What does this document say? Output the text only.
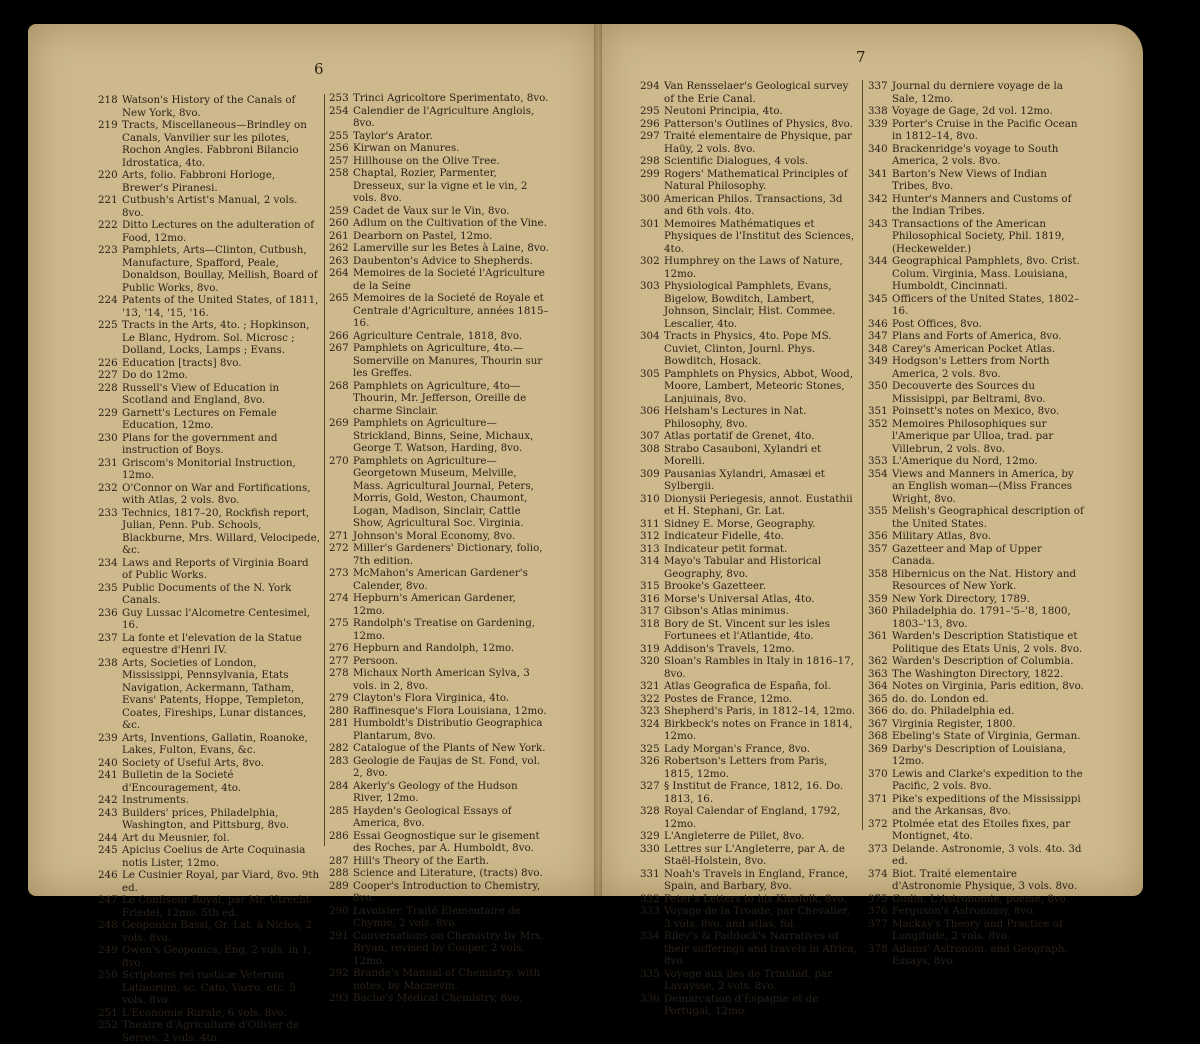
6
7
218 Watson's History of the Canals of New York, 8vo.
219 Tracts, Miscellaneous—Brindley on Canals, Vanvilier sur les pilotes, Rochon Angles. Fabbroni Bilancio Idrostatica, 4to.
220 Arts, folio. Fabbroni Horloge, Brewer's Piranesi.
221 Cutbush's Artist's Manual, 2 vols. 8vo.
222 Ditto Lectures on the adulteration of Food, 12mo.
223 Pamphlets, Arts—Clinton, Cutbush, Manufacture, Spafford, Peale, Donaldson, Boullay, Mellish, Board of Public Works, 8vo.
224 Patents of the United States, of 1811, '13, '14, '15, '16.
225 Tracts in the Arts, 4to. ; Hopkinson, Le Blanc, Hydrom. Sol. Microsc ; Dolland, Locks, Lamps ; Evans.
226 Education [tracts] 8vo.
227 Do do 12mo.
228 Russell's View of Education in Scotland and England, 8vo.
229 Garnett's Lectures on Female Education, 12mo.
230 Plans for the government and instruction of Boys.
231 Griscom's Monitorial Instruction, 12mo.
232 O'Connor on War and Fortifications, with Atlas, 2 vols. 8vo.
233 Technics, 1817–20, Rockfish report, Julian, Penn. Pub. Schools, Blackburne, Mrs. Willard, Velocipede, &c.
234 Laws and Reports of Virginia Board of Public Works.
235 Public Documents of the N. York Canals.
236 Guy Lussac l'Alcometre Centesimel, 16.
237 La fonte et l'elevation de la Statue equestre d'Henri IV.
238 Arts, Societies of London, Mississippi, Pennsylvania, Etats Navigation, Ackermann, Tatham, Evans' Patents, Hoppe, Templeton, Coates, Fireships, Lunar distances, &c.
239 Arts, Inventions, Gallatin, Roanoke, Lakes, Fulton, Evans, &c.
240 Society of Useful Arts, 8vo.
241 Bulletin de la Societé d'Encouragement, 4to.
242 Instruments.
243 Builders' prices, Philadelphia, Washington, and Pittsburg, 8vo.
244 Art du Meusnier, fol.
245 Apicius Coelius de Arte Coquinasia notis Lister, 12mo.
246 Le Cusinier Royal, par Viard, 8vo. 9th ed.
247 Le Confiseur Royal, par Mr. Utrecht-Friedel, 12mo. 5th ed.
248 Geoponica Bassi, Gr. Lat. à Niclos, 2 vols. 8vo.
249 Owen's Geoponics, Eng. 2 vols. in 1, 8vo.
250 Scriptores rei rusticæ Veterum Latinorum, sc. Cato, Varro, etc. 5 vols. 8vo.
251 L'Economie Rurale, 6 vols. 8vo.
252 Theatre d'Agriculture d'Olivier de Serres, 2 vols. 4to.
253 Trinci Agricoltore Sperimentato, 8vo.
254 Calendier de l'Agriculture Anglois, 8vo.
255 Taylor's Arator.
256 Kirwan on Manures.
257 Hillhouse on the Olive Tree.
258 Chaptal, Rozier, Parmenter, Dresseux, sur la vigne et le vin, 2 vols. 8vo.
259 Cadet de Vaux sur le Vin, 8vo.
260 Adlum on the Cultivation of the Vine.
261 Dearborn on Pastel, 12mo.
262 Lamerville sur les Betes à Laine, 8vo.
263 Daubenton's Advice to Shepherds.
264 Memoires de la Societé l'Agriculture de la Seine
265 Memoires de la Societé de Royale et Centrale d'Agriculture, années 1815–16.
266 Agriculture Centrale, 1818, 8vo.
267 Pamphlets on Agriculture, 4to.—Somerville on Manures, Thourin sur les Greffes.
268 Pamphlets on Agriculture, 4to—Thourin, Mr. Jefferson, Oreille de charme Sinclair.
269 Pamphlets on Agriculture—Strickland, Binns, Seine, Michaux, George T. Watson, Harding, 8vo.
270 Pamphlets on Agriculture—Georgetown Museum, Melville, Mass. Agricultural Journal, Peters, Morris, Gold, Weston, Chaumont, Logan, Madison, Sinclair, Cattle Show, Agricultural Soc. Virginia.
271 Johnson's Moral Economy, 8vo.
272 Miller's Gardeners' Dictionary, folio, 7th edition.
273 McMahon's American Gardener's Calender, 8vo.
274 Hepburn's American Gardener, 12mo.
275 Randolph's Treatise on Gardening, 12mo.
276 Hepburn and Randolph, 12mo.
277 Persoon.
278 Michaux North American Sylva, 3 vols. in 2, 8vo.
279 Clayton's Flora Virginica, 4to.
280 Raffinesque's Flora Louisiana, 12mo.
281 Humboldt's Distributio Geographica Plantarum, 8vo.
282 Catalogue of the Plants of New York.
283 Geologie de Faujas de St. Fond, vol. 2, 8vo.
284 Akerly's Geology of the Hudson River, 12mo.
285 Hayden's Geological Essays of America, 8vo.
286 Essai Geognostique sur le gisement des Roches, par A. Humboldt, 8vo.
287 Hill's Theory of the Earth.
288 Science and Literature, (tracts) 8vo.
289 Cooper's Introduction to Chemistry, 8vo.
290 Lavoisier. Traité Elementaire de Chymie, 2 vols. 8vo.
291 Conversations on Chemistry by Mrs. Bryan, revised by Cooper, 2 vols. 12mo.
292 Brande's Manual of Chemistry, with notes, by Macnevin.
293 Bache's Medical Chemistry, 8vo.
294 Van Rensselaer's Geological survey of the Erie Canal.
295 Neutoni Principia, 4to.
296 Patterson's Outlines of Physics, 8vo.
297 Traité elementaire de Physique, par Haüy, 2 vols. 8vo.
298 Scientific Dialogues, 4 vols.
299 Rogers' Mathematical Principles of Natural Philosophy.
300 American Philos. Transactions, 3d and 6th vols. 4to.
301 Memoires Mathématiques et Physiques de l'Institut des Sciences, 4to.
302 Humphrey on the Laws of Nature, 12mo.
303 Physiological Pamphlets, Evans, Bigelow, Bowditch, Lambert, Johnson, Sinclair, Hist. Commee. Lescalier, 4to.
304 Tracts in Physics, 4to. Pope MS. Cuviet, Clinton, Journl. Phys. Bowditch, Hosack.
305 Pamphlets on Physics, Abbot, Wood, Moore, Lambert, Meteoric Stones, Lanjuinais, 8vo.
306 Helsham's Lectures in Nat. Philosophy, 8vo.
307 Atlas portatif de Grenet, 4to.
308 Strabo Casauboni, Xylandri et Morelli.
309 Pausanias Xylandri, Amasæi et Sylbergii.
310 Dionysii Periegesis, annot. Eustathii et H. Stephani, Gr. Lat.
311 Sidney E. Morse, Geography.
312 Indicateur Fidelle, 4to.
313 Indicateur petit format.
314 Mayo's Tabular and Historical Geography, 8vo.
315 Brooke's Gazetteer.
316 Morse's Universal Atlas, 4to.
317 Gibson's Atlas minimus.
318 Bory de St. Vincent sur les isles Fortunees et l'Atlantide, 4to.
319 Addison's Travels, 12mo.
320 Sloan's Rambles in Italy in 1816–17, 8vo.
321 Atlas Geografica de España, fol.
322 Postes de France, 12mo.
323 Shepherd's Paris, in 1812–14, 12mo.
324 Birkbeck's notes on France in 1814, 12mo.
325 Lady Morgan's France, 8vo.
326 Robertson's Letters from Paris, 1815, 12mo.
327 § Institut de France, 1812, 16. Do. 1813, 16.
328 Royal Calendar of England, 1792, 12mo.
329 L'Angleterre de Pillet, 8vo.
330 Lettres sur L'Angleterre, par A. de Staël-Holstein, 8vo.
331 Noah's Travels in England, France, Spain, and Barbary, 8vo.
332 Peter's Letters to his Kinsfolk, 8vo.
333 Voyage de la Troade, par Chevalier, 3 vols. 8vo. and atlas, fol.
334 Riley's & Paddock's Narratives of their sufferings and travels in Africa, 8vo.
335 Voyage aux iles de Trinidad, par Lavaysse, 2 vols. 8vo.
336 Demarcation d'Espagne et de Portugal, 12mo.
337 Journal du derniere voyage de la Sale, 12mo.
338 Voyage de Gage, 2d vol. 12mo.
339 Porter's Cruise in the Pacific Ocean in 1812–14, 8vo.
340 Brackenridge's voyage to South America, 2 vols. 8vo.
341 Barton's New Views of Indian Tribes, 8vo.
342 Hunter's Manners and Customs of the Indian Tribes.
343 Transactions of the American Philosophical Society, Phil. 1819, (Heckewelder.)
344 Geographical Pamphlets, 8vo. Crist. Colum. Virginia, Mass. Louisiana, Humboldt, Cincinnati.
345 Officers of the United States, 1802–16.
346 Post Offices, 8vo.
347 Plans and Forts of America, 8vo.
348 Carey's American Pocket Atlas.
349 Hodgson's Letters from North America, 2 vols. 8vo.
350 Decouverte des Sources du Missisippi, par Beltrami, 8vo.
351 Poinsett's notes on Mexico, 8vo.
352 Memoires Philosophiques sur l'Amerique par Ulloa, trad. par Villebrun, 2 vols. 8vo.
353 L'Amerique du Nord, 12mo.
354 Views and Manners in America, by an English woman—(Miss Frances Wright, 8vo.
355 Melish's Geographical description of the United States.
356 Military Atlas, 8vo.
357 Gazetteer and Map of Upper Canada.
358 Hibernicus on the Nat. History and Resources of New York.
359 New York Directory, 1789.
360 Philadelphia do. 1791–'5–'8, 1800, 1803–'13, 8vo.
361 Warden's Description Statistique et Politique des Etats Unis, 2 vols. 8vo.
362 Warden's Description of Columbia.
363 The Washington Directory, 1822.
364 Notes on Virginia, Paris edition, 8vo.
365 do. do. London ed.
366 do. do. Philadelphia ed.
367 Virginia Register, 1800.
368 Ebeling's State of Virginia, German.
369 Darby's Description of Louisiana, 12mo.
370 Lewis and Clarke's expedition to the Pacific, 2 vols. 8vo.
371 Pike's expeditions of the Mississippi and the Arkansas, 8vo.
372 Ptolmée etat des Etoiles fixes, par Montignet, 4to.
373 Delande. Astronomie, 3 vols. 4to. 3d ed.
374 Biot. Traité elementaire d'Astronomie Physique, 3 vols. 8vo.
375 Gudin. L'Astronomie, poeme, 8vo.
376 Ferguson's Astronomy, 8vo.
377 Mackay's Theory and Practice of Longitude, 2 vols. 8vo.
378 Adams' Astronom. and Geograph. Essays, 8vo.
